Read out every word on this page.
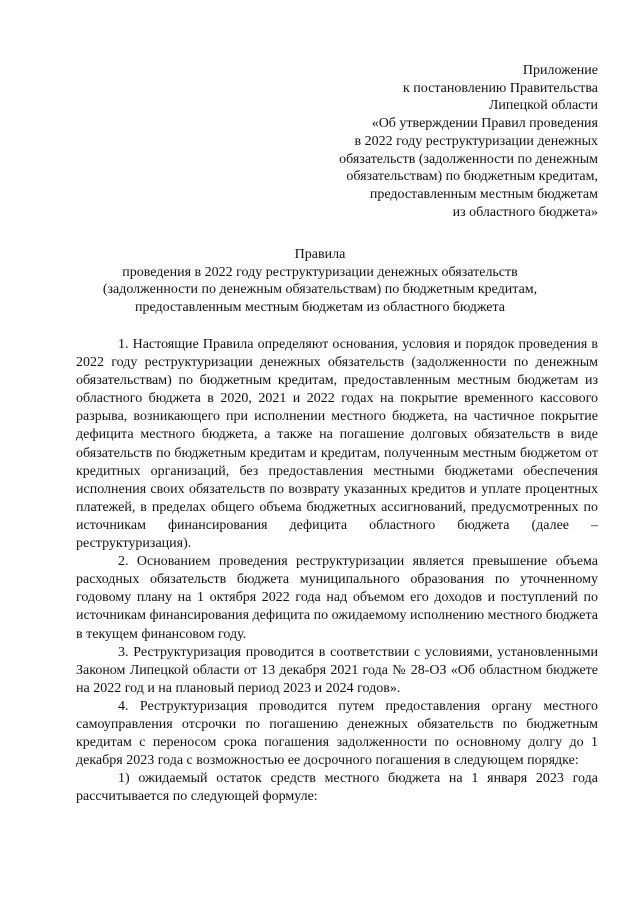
Приложение
к постановлению Правительства
Липецкой области
«Об утверждении Правил проведения
в 2022 году реструктуризации денежных
обязательств (задолженности по денежным
обязательствам) по бюджетным кредитам,
предоставленным местным бюджетам
из областного бюджета»
Правила
проведения в 2022 году реструктуризации денежных обязательств
(задолженности по денежным обязательствам) по бюджетным кредитам,
предоставленным местным бюджетам из областного бюджета

1. Настоящие Правила определяют основания, условия и порядок проведения в 2022 году реструктуризации денежных обязательств (задолженности по денежным обязательствам) по бюджетным кредитам, предоставленным местным бюджетам из областного бюджета в 2020, 2021 и 2022 годах на покрытие временного кассового разрыва, возникающего при исполнении местного бюджета, на частичное покрытие дефицита местного бюджета, а также на погашение долговых обязательств в виде обязательств по бюджетным кредитам и кредитам, полученным местным бюджетом от кредитных организаций, без предоставления местными бюджетами обеспечения исполнения своих обязательств по возврату указанных кредитов и уплате процентных платежей, в пределах общего объема бюджетных ассигнований, предусмотренных по источникам финансирования дефицита областного бюджета (далее – реструктуризация).

2. Основанием проведения реструктуризации является превышение объема расходных обязательств бюджета муниципального образования по уточненному годовому плану на 1 октября 2022 года над объемом его доходов и поступлений по источникам финансирования дефицита по ожидаемому исполнению местного бюджета в текущем финансовом году.

3. Реструктуризация проводится в соответствии с условиями, установленными Законом Липецкой области от 13 декабря 2021 года № 28-ОЗ «Об областном бюджете на 2022 год и на плановый период 2023 и 2024 годов».

4. Реструктуризация проводится путем предоставления органу местного самоуправления отсрочки по погашению денежных обязательств по бюджетным кредитам с переносом срока погашения задолженности по основному долгу до 1 декабря 2023 года с возможностью ее досрочного погашения в следующем порядке:

1) ожидаемый остаток средств местного бюджета на 1 января 2023 года рассчитывается по следующей формуле:
